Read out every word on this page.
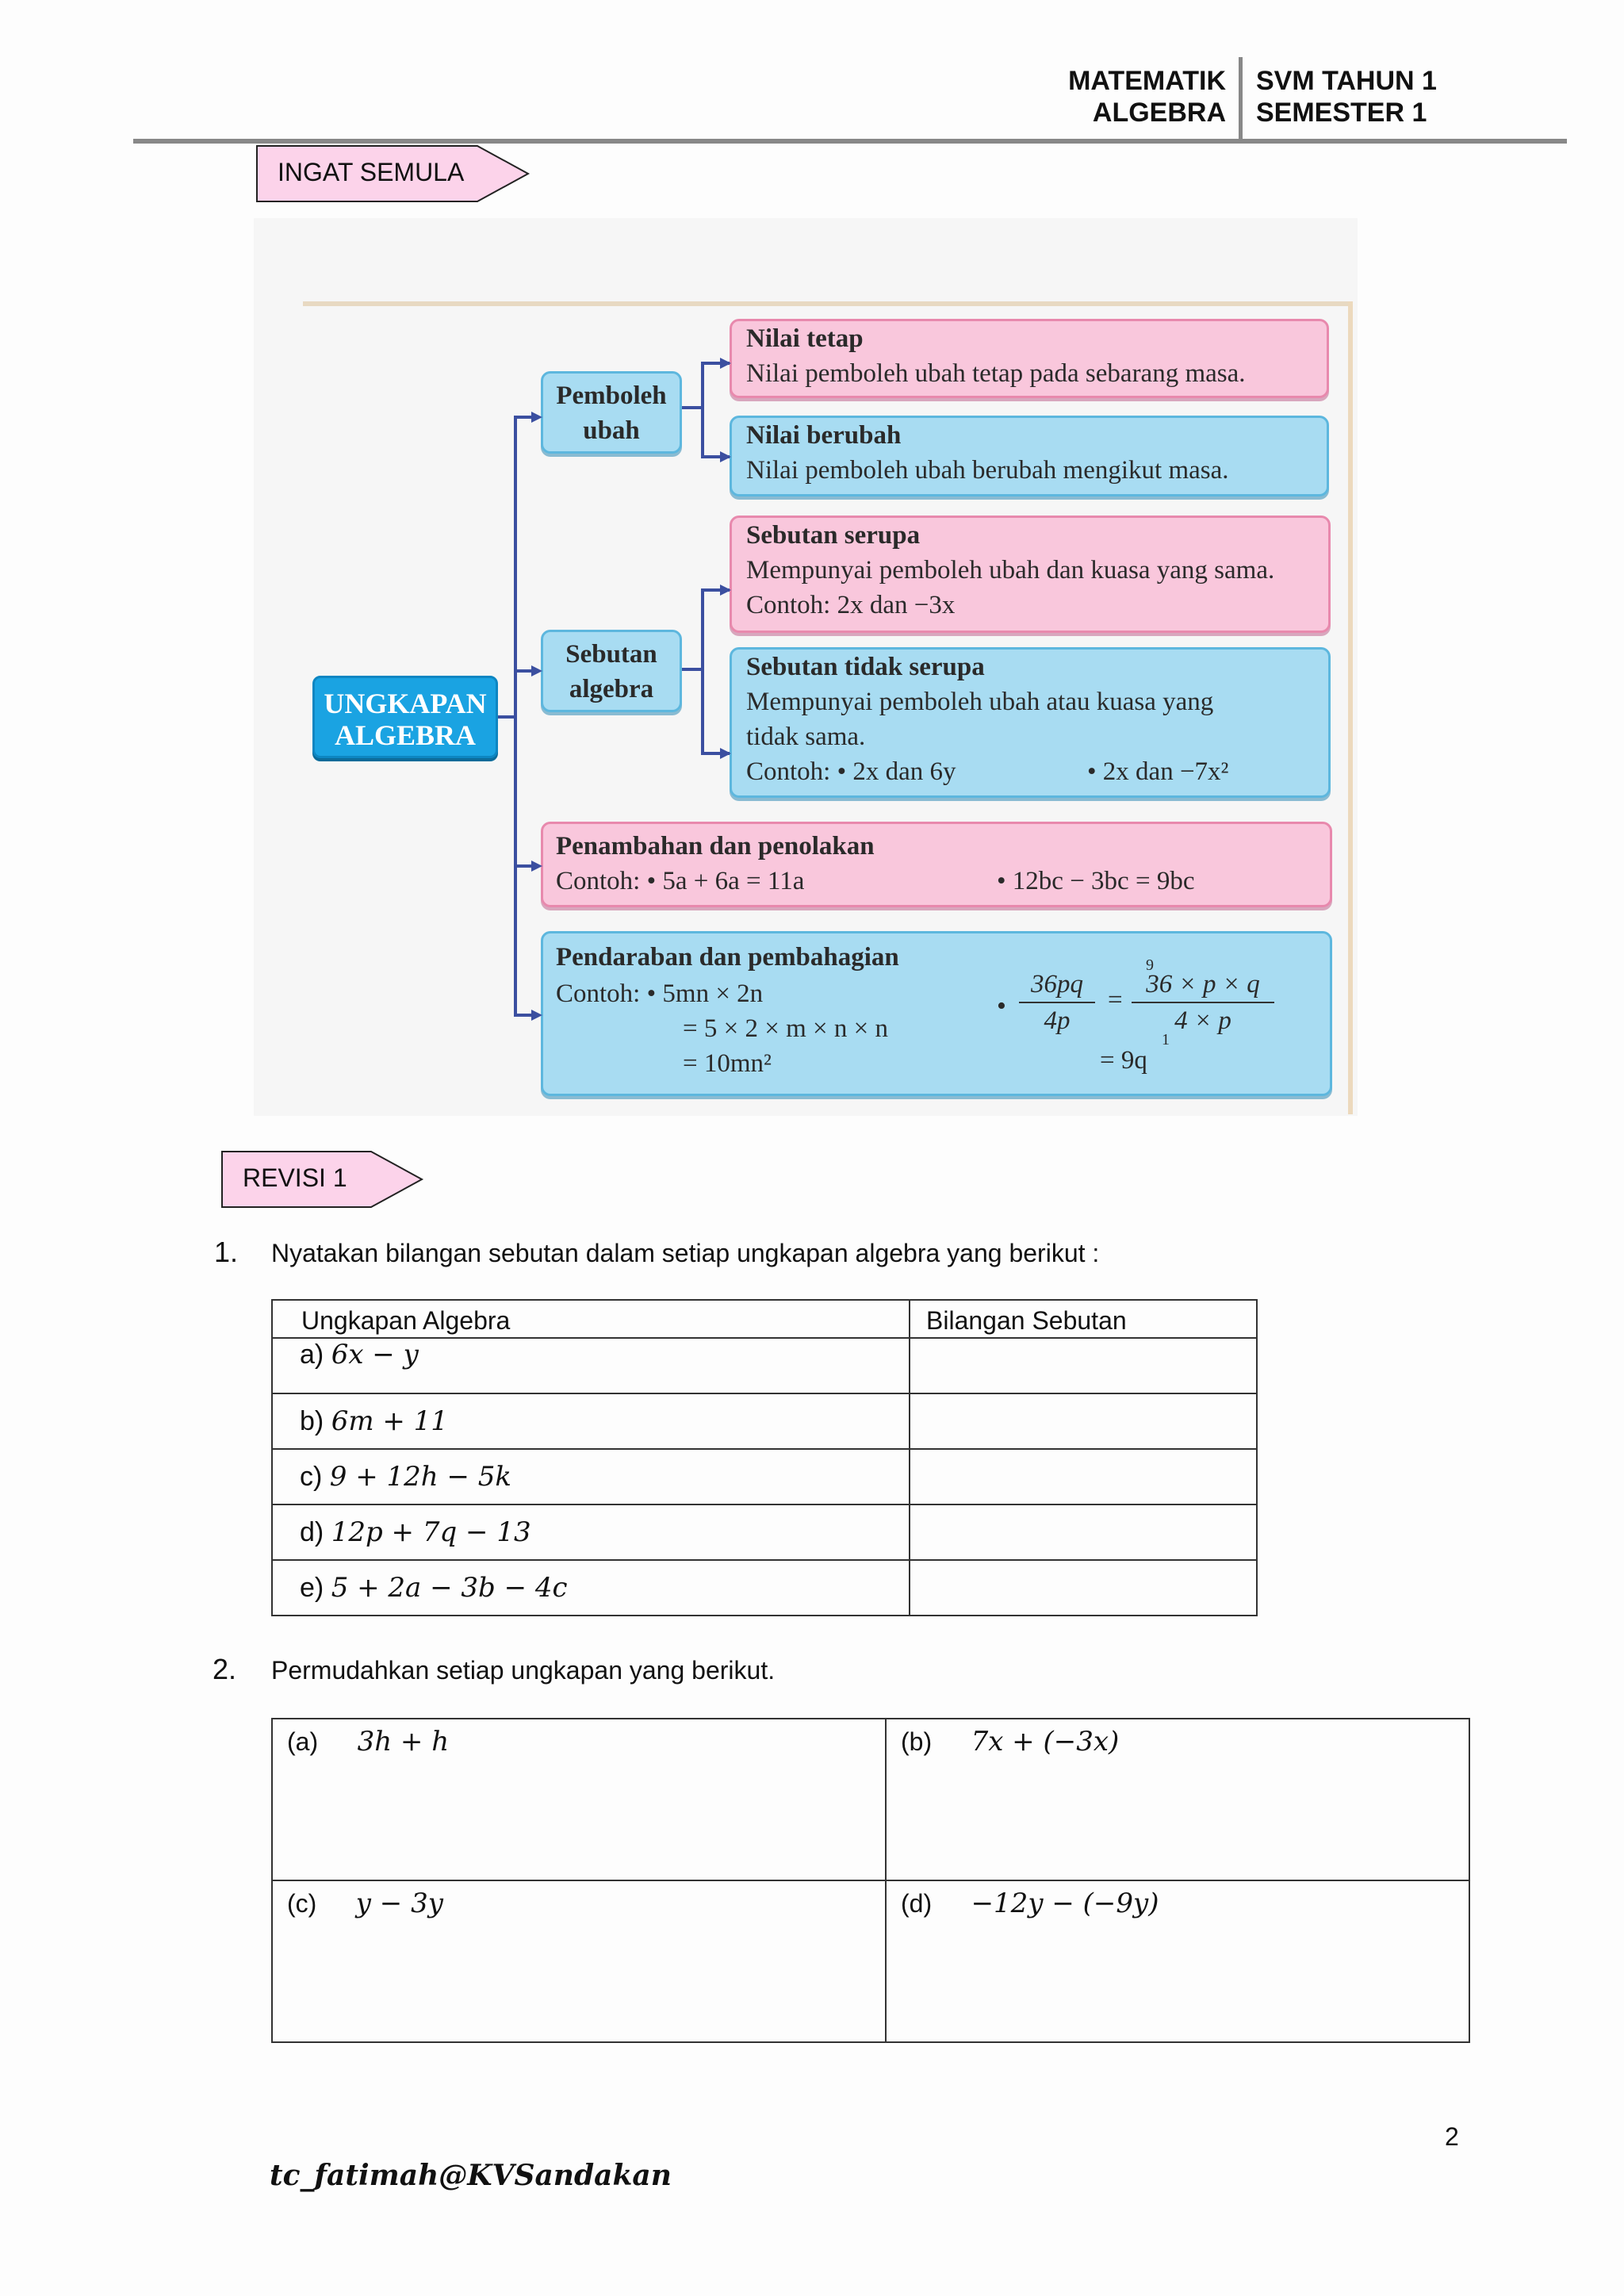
MATEMATIK
ALGEBRA
SVM TAHUN 1
SEMESTER 1
INGAT SEMULA
UNGKAPAN
ALGEBRA
Pemboleh
ubah
Sebutan
algebra
Nilai tetap
Nilai pemboleh ubah tetap pada sebarang masa.
Nilai berubah
Nilai pemboleh ubah berubah mengikut masa.
Sebutan serupa
Mempunyai pemboleh ubah dan kuasa yang sama.
Contoh: 2x dan −3x
Sebutan tidak serupa
Mempunyai pemboleh ubah atau kuasa yang
tidak sama.
Contoh: • 2x dan 6y	• 2x dan −7x²
Penambahan dan penolakan
Contoh: • 5a + 6a = 11a	• 12bc − 3bc = 9bc
Pendaraban dan pembahagian
Contoh: • 5mn × 2n
= 5 × 2 × m × n × n
= 10mn²
• $\frac{36pq}{4p} = \frac{36 \times p \times q}{4 \times p}$
9
1
= 9q
REVISI 1
1. Nyatakan bilangan sebutan dalam setiap ungkapan algebra yang berikut :
Ungkapan Algebra	Bilangan Sebutan
a) 6x − y	
b) 6m + 11	
c) 9 + 12h − 5k	
d) 12p + 7q − 13	
e) 5 + 2a − 3b − 4c	
2. Permudahkan setiap ungkapan yang berikut.
(a) 3h + h	(b) 7x + (−3x)
(c) y − 3y	(d) −12y − (−9y)
2
tc_fatimah@KVSandakan
